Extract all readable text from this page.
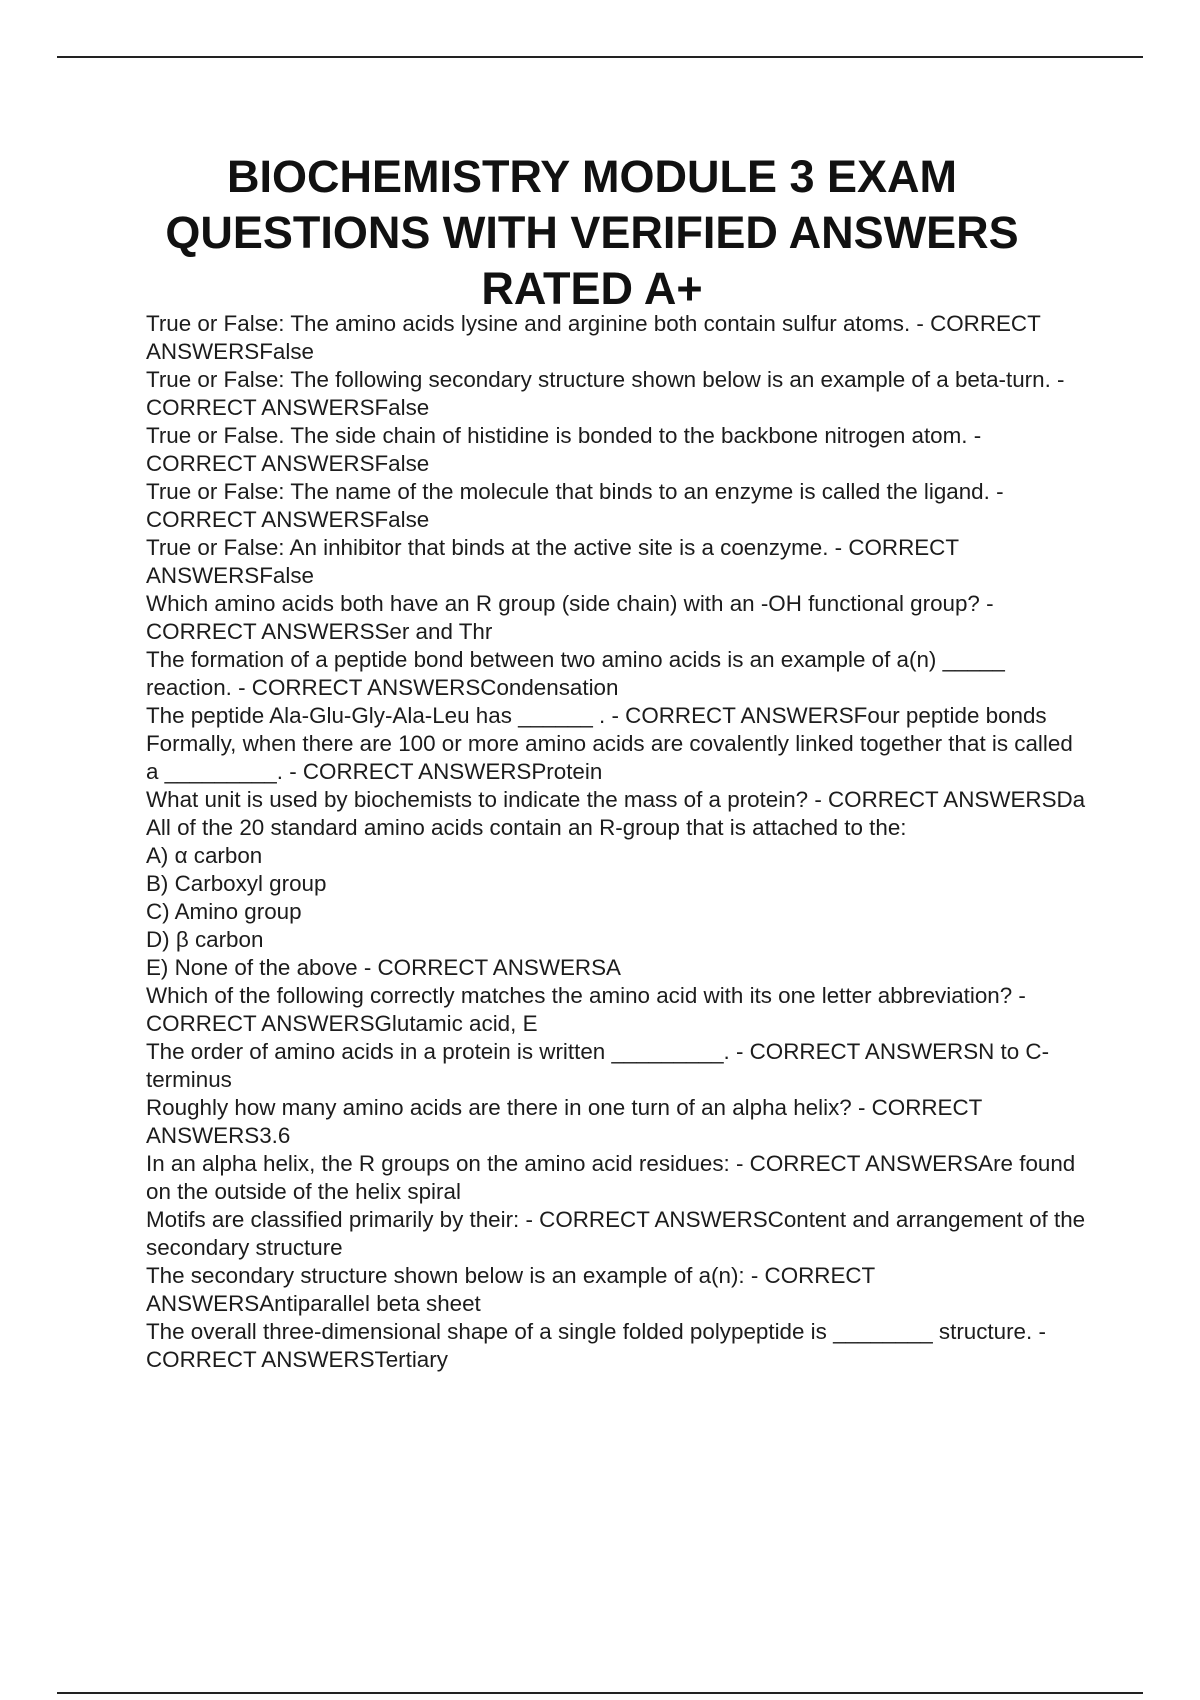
BIOCHEMISTRY MODULE 3 EXAM QUESTIONS WITH VERIFIED ANSWERS RATED A+
True or False: The amino acids lysine and arginine both contain sulfur atoms. - CORRECT ANSWERSFalse
True or False: The following secondary structure shown below is an example of a beta-turn. - CORRECT ANSWERSFalse
True or False. The side chain of histidine is bonded to the backbone nitrogen atom. - CORRECT ANSWERSFalse
True or False: The name of the molecule that binds to an enzyme is called the ligand. - CORRECT ANSWERSFalse
True or False: An inhibitor that binds at the active site is a coenzyme. - CORRECT ANSWERSFalse
Which amino acids both have an R group (side chain) with an -OH functional group? - CORRECT ANSWERSSer and Thr
The formation of a peptide bond between two amino acids is an example of a(n) _____ reaction. - CORRECT ANSWERSCondensation
The peptide Ala-Glu-Gly-Ala-Leu has ______ . - CORRECT ANSWERSFour peptide bonds
Formally, when there are 100 or more amino acids are covalently linked together that is called a _________. - CORRECT ANSWERSProtein
What unit is used by biochemists to indicate the mass of a protein? - CORRECT ANSWERSDa
All of the 20 standard amino acids contain an R-group that is attached to the:
A) α carbon
B) Carboxyl group
C) Amino group
D) β carbon
E) None of the above - CORRECT ANSWERSA
Which of the following correctly matches the amino acid with its one letter abbreviation? - CORRECT ANSWERSGlutamic acid, E
The order of amino acids in a protein is written _________. - CORRECT ANSWERSN to C-terminus
Roughly how many amino acids are there in one turn of an alpha helix? - CORRECT ANSWERS3.6
In an alpha helix, the R groups on the amino acid residues: - CORRECT ANSWERSAre found on the outside of the helix spiral
Motifs are classified primarily by their: - CORRECT ANSWERSContent and arrangement of the secondary structure
The secondary structure shown below is an example of a(n): - CORRECT ANSWERSAntiparallel beta sheet
The overall three-dimensional shape of a single folded polypeptide is ________ structure. - CORRECT ANSWERSTertiary
